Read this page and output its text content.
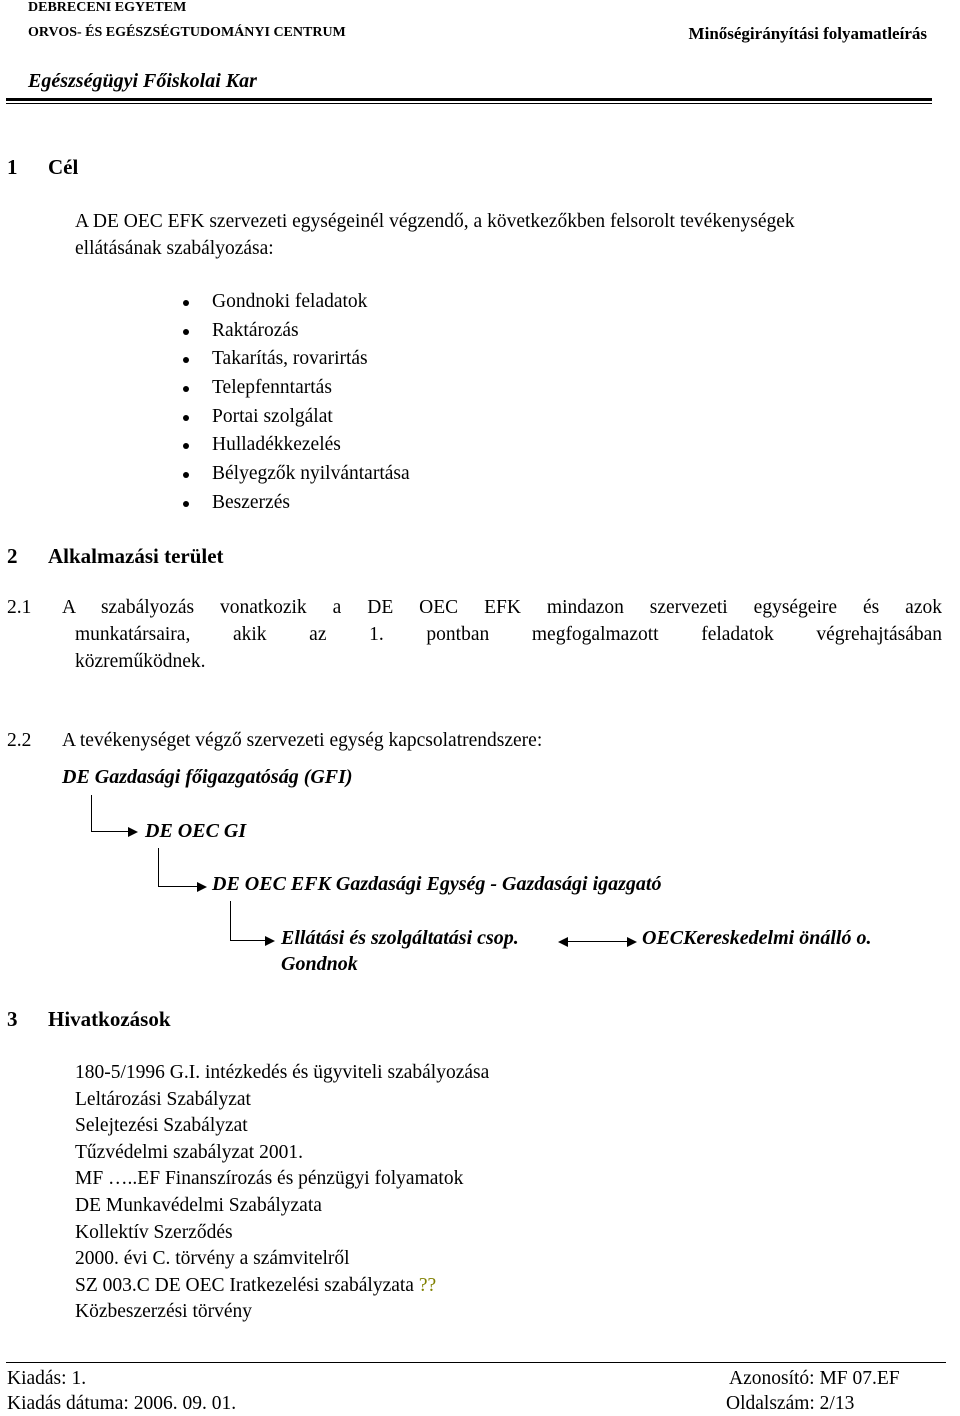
DEBRECENI EGYETEM
ORVOS- ÉS EGÉSZSÉGTUDOMÁNYI CENTRUM	Minőségirányítási folyamatleírás
Egészségügyi Főiskolai Kar
1 Cél
A DE OEC EFK szervezeti egységeinél végzendő, a következőkben felsorolt tevékenységek
ellátásának szabályozása:
Gondnoki feladatok
Raktározás
Takarítás, rovarirtás
Telepfenntartás
Portai szolgálat
Hulladékkezelés
Bélyegzők nyilvántartása
Beszerzés
2 Alkalmazási terület
2.1 A szabályozás vonatkozik a DE OEC EFK mindazon szervezeti egységeire és azok
munkatársaira, akik az 1. pontban megfogalmazott feladatok végrehajtásában
közreműködnek.
2.2 A tevékenységet végző szervezeti egység kapcsolatrendszere:
DE Gazdasági főigazgatóság (GFI)
DE OEC GI
DE OEC EFK Gazdasági Egység - Gazdasági igazgató
Ellátási és szolgáltatási csop.
Gondnok
OECKereskedelmi önálló o.
3 Hivatkozások
180-5/1996 G.I. intézkedés és ügyviteli szabályozása
Leltározási Szabályzat
Selejtezési Szabályzat
Tűzvédelmi szabályzat 2001.
MF …..EF Finanszírozás és pénzügyi folyamatok
DE Munkavédelmi Szabályzata
Kollektív Szerződés
2000. évi C. törvény a számvitelről
SZ 003.C DE OEC Iratkezelési szabályzata ??
Közbeszerzési törvény
Kiadás: 1.
Kiadás dátuma: 2006. 09. 01.
Azonosító: MF 07.EF
Oldalszám: 2/13
